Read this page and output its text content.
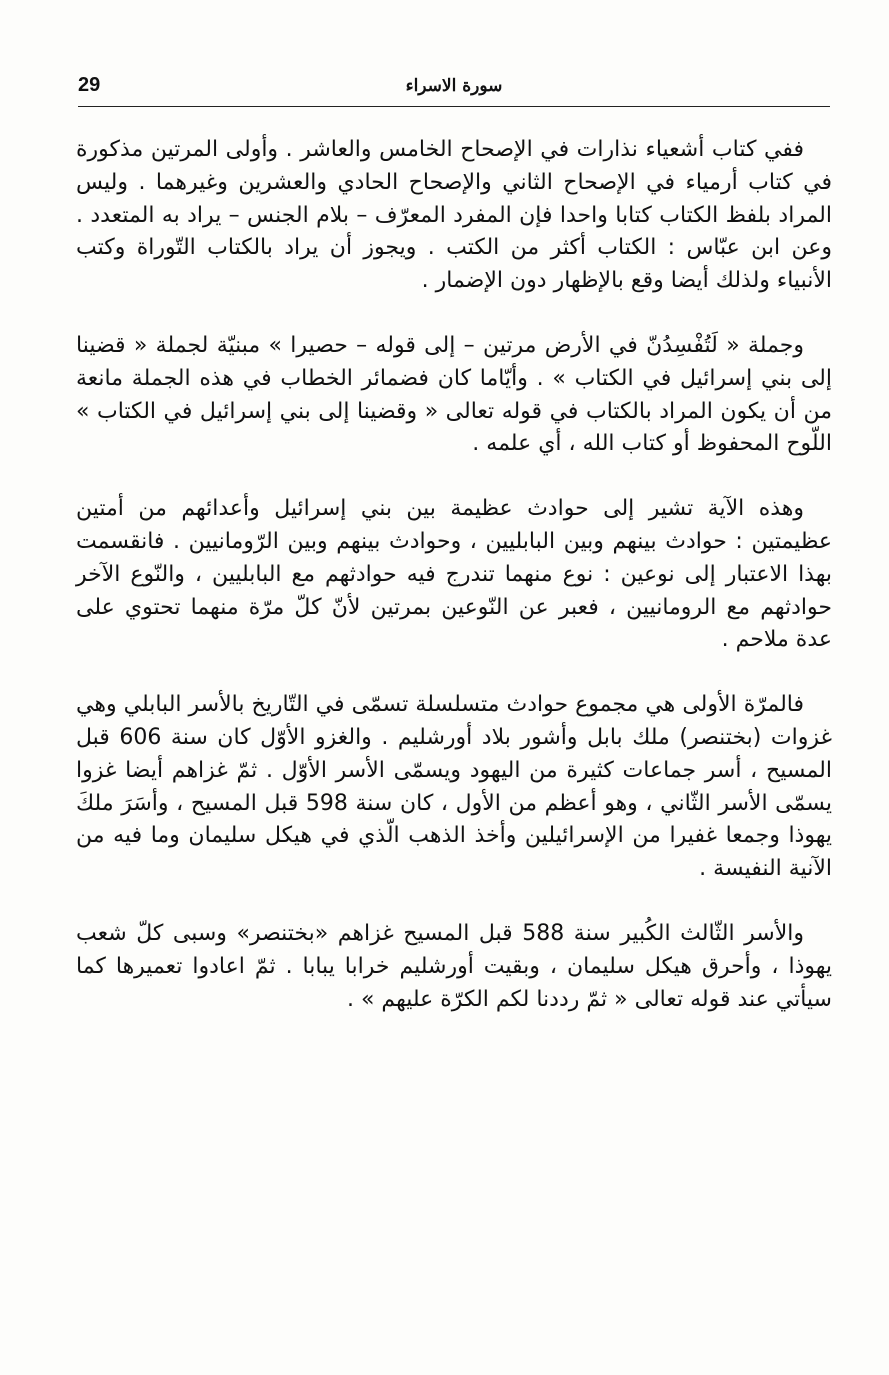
29	سورة الاسراء

ففي كتاب أشعياء نذارات في الإصحاح الخامس والعاشر . وأولى المرتين مذكورة في كتاب أرمياء في الإصحاح الثاني والإصحاح الحادي والعشرين وغيرهما . وليس المراد بلفظ الكتاب كتابا واحدا فإن المفرد المعرّف – بلام الجنس – يراد به المتعدد . وعن ابن عبّاس : الكتاب أكثر من الكتب . ويجوز أن يراد بالكتاب التّوراة وكتب الأنبياء ولذلك أيضا وقع بالإظهار دون الإضمار .

وجملة « لَتُفْسِدُنّ في الأرض مرتين – إلى قوله – حصيرا » مبنيّة لجملة « قضينا إلى بني إسرائيل في الكتاب » . وأيّاما كان فضمائر الخطاب في هذه الجملة مانعة من أن يكون المراد بالكتاب في قوله تعالى « وقضينا إلى بني إسرائيل في الكتاب » اللّوح المحفوظ أو كتاب الله ، أي علمه .

وهذه الآية تشير إلى حوادث عظيمة بين بني إسرائيل وأعدائهم من أمتين عظيمتين : حوادث بينهم وبين البابليين ، وحوادث بينهم وبين الرّومانيين . فانقسمت بهذا الاعتبار إلى نوعين : نوع منهما تندرج فيه حوادثهم مع البابليين ، والنّوع الآخر حوادثهم مع الرومانيين ، فعبر عن النّوعين بمرتين لأنّ كلّ مرّة منهما تحتوي على عدة ملاحم .

فالمرّة الأولى هي مجموع حوادث متسلسلة تسمّى في التّاريخ بالأسر البابلي وهي غزوات (بختنصر) ملك بابل وأشور بلاد أورشليم . والغزو الأوّل كان سنة 606 قبل المسيح ، أسر جماعات كثيرة من اليهود ويسمّى الأسر الأوّل . ثمّ غزاهم أيضا غزوا يسمّى الأسر الثّاني ، وهو أعظم من الأول ، كان سنة 598 قبل المسيح ، وأسَرَ ملكَ يهوذا وجمعا غفيرا من الإسرائيلين وأخذ الذهب الّذي في هيكل سليمان وما فيه من الآنية النفيسة .

والأسر الثّالث الكُبير سنة 588 قبل المسيح غزاهم «بختنصر» وسبى كلّ شعب يهوذا ، وأحرق هيكل سليمان ، وبقيت أورشليم خرابا يبابا . ثمّ اعادوا تعميرها كما سيأتي عند قوله تعالى « ثمّ رددنا لكم الكرّة عليهم » .
